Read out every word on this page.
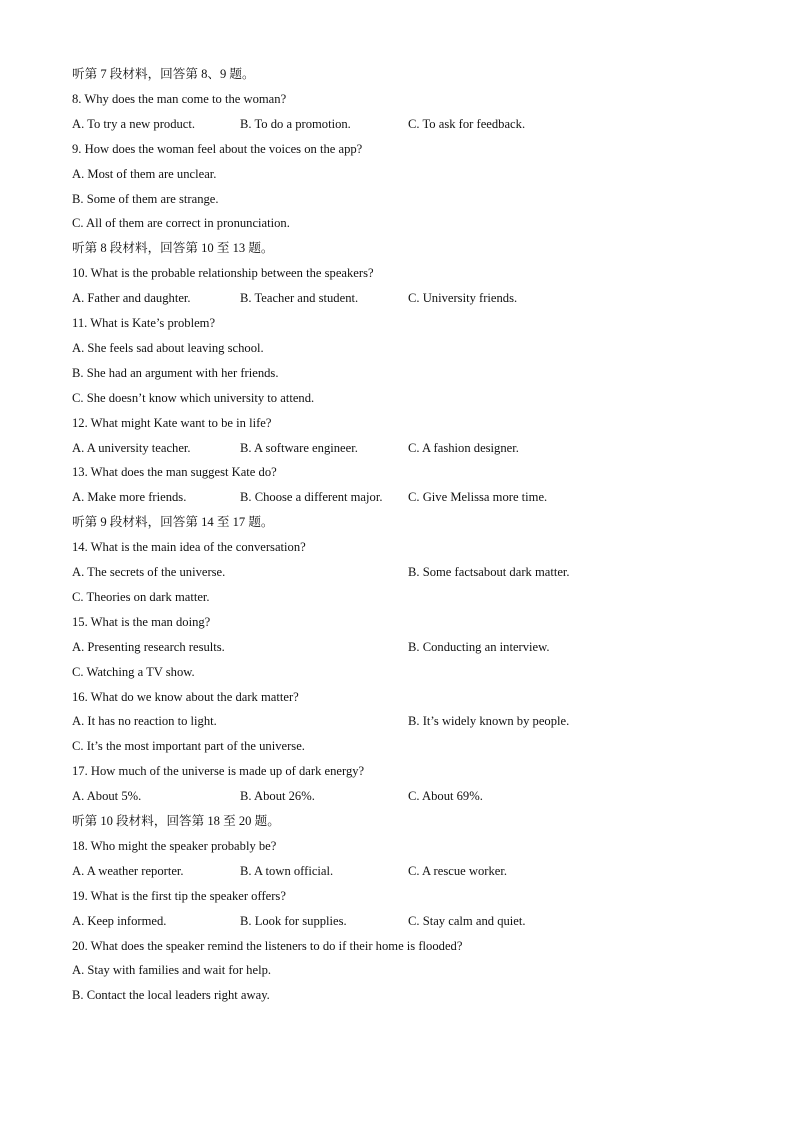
听第 7 段材料，回答第 8、9 题。
8. Why does the man come to the woman?
A. To try a new product.	B. To do a promotion.	C. To ask for feedback.
9. How does the woman feel about the voices on the app?
A. Most of them are unclear.
B. Some of them are strange.
C. All of them are correct in pronunciation.
听第 8 段材料，回答第 10 至 13 题。
10. What is the probable relationship between the speakers?
A. Father and daughter.	B. Teacher and student.	C. University friends.
11. What is Kate’s problem?
A. She feels sad about leaving school.
B. She had an argument with her friends.
C. She doesn’t know which university to attend.
12. What might Kate want to be in life?
A. A university teacher.	B. A software engineer.	C. A fashion designer.
13. What does the man suggest Kate do?
A. Make more friends.	B. Choose a different major. C. Give Melissa more time.
听第 9 段材料，回答第 14 至 17 题。
14. What is the main idea of the conversation?
A. The secrets of the universe.	B. Some factsabout dark matter.
C. Theories on dark matter.
15. What is the man doing?
A. Presenting research results.	B. Conducting an interview.
C. Watching a TV show.
16. What do we know about the dark matter?
A. It has no reaction to light.	B. It’s widely known by people.
C. It’s the most important part of the universe.
17. How much of the universe is made up of dark energy?
A. About 5%.	B. About 26%.	C. About 69%.
听第 10 段材料，回答第 18 至 20 题。
18. Who might the speaker probably be?
A. A weather reporter.	B. A town official.	C. A rescue worker.
19. What is the first tip the speaker offers?
A. Keep informed.	B. Look for supplies.	C. Stay calm and quiet.
20. What does the speaker remind the listeners to do if their home is flooded?
A. Stay with families and wait for help.
B. Contact the local leaders right away.
